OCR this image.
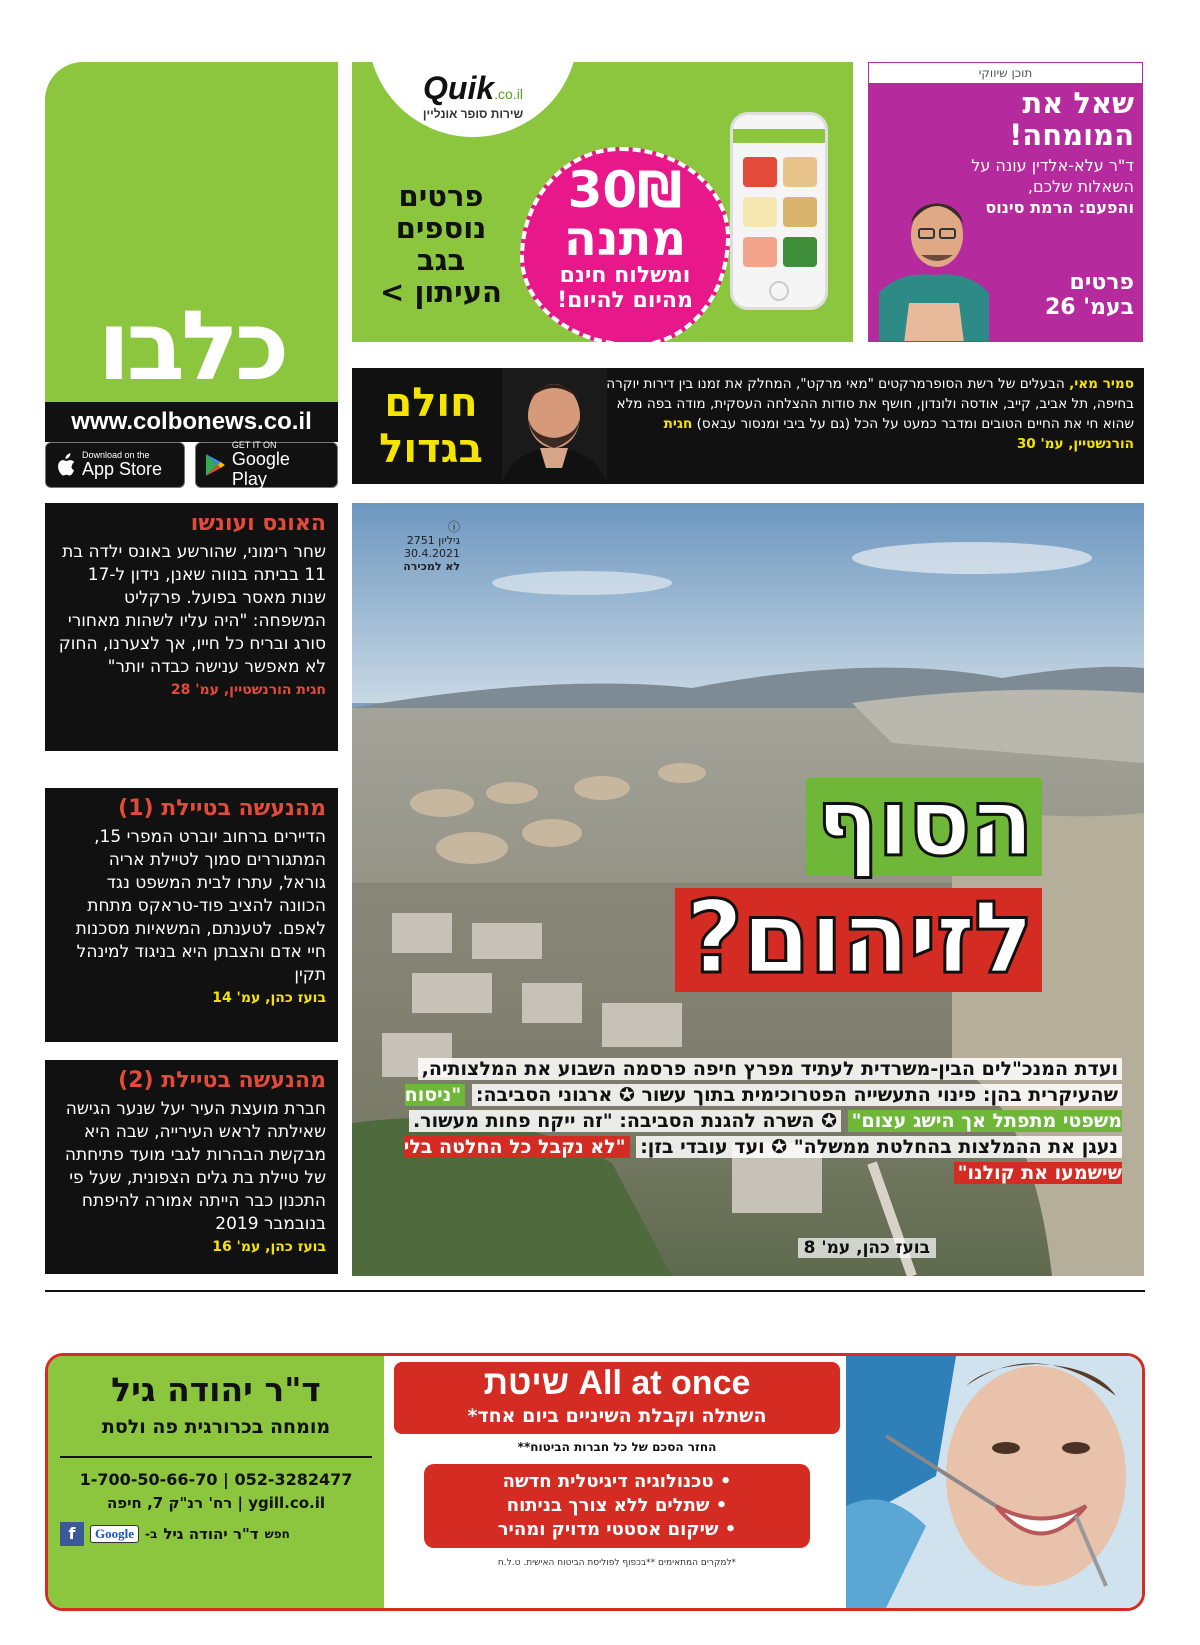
כלבו
www.colbonews.co.il
Download on the
App Store
GET IT ON
Google Play
Quik.co.il
שירות סופר אונליין
פרטים
נוספים
בגב
העיתון >
30₪
מתנה
ומשלוח חינם
מהיום להיום!
תוכן שיווקי
שאל את המומחה!
ד"ר עלא-אלדין עונה על השאלות שלכם,
והפעם: הרמת סינוס
פרטים בעמ' 26
חולם בגדול
סמיר מאי, הבעלים של רשת הסופרמרקטים "מאי מרקט", המחלק את זמנו בין דירות יוקרה בחיפה, תל אביב, קייב, אודסה ולונדון, חושף את סודות ההצלחה העסקית, מודה בפה מלא שהוא חי את החיים הטובים ומדבר כמעט על הכל (גם על ביבי ומנסור עבאס) חגית הורנשטיין, עמ' 30
האונס ועונשו

שחר רימוני, שהורשע באונס ילדה בת 11 בביתה בנווה שאנן, נידון ל-17 שנות מאסר בפועל. פרקליט המשפחה: "היה עליו לשהות מאחורי סורג ובריח כל חייו, אך לצערנו, החוק לא מאפשר ענישה כבדה יותר"

חגית הורנשטיין, עמ' 28
מהנעשה בטיילת (1)

הדיירים ברחוב יוברט המפרי 15, המתגוררים סמוך לטיילת אריה גוראל, עתרו לבית המשפט נגד הכוונה להציב פוד-טראקס מתחת לאפם. לטענתם, המשאיות מסכנות חיי אדם והצבתן היא בניגוד למינהל תקין

בועז כהן, עמ' 14
מהנעשה בטיילת (2)

חברת מועצת העיר יעל שנער הגישה שאילתה לראש העירייה, שבה היא מבקשת הבהרות לגבי מועד פתיחתה של טיילת בת גלים הצפונית, שעל פי התכנון כבר הייתה אמורה להיפתח בנובמבר 2019

בועז כהן, עמ' 16
ⓘ
גיליון 2751
30.4.2021
לא למכירה
הסוף
לזיהום?
ועדת המנכ"לים הבין-משרדית לעתיד מפרץ חיפה פרסמה השבוע את המלצותיה, שהעיקרית בהן: פינוי התעשייה הפטרוכימית בתוך עשור ✪ ארגוני הסביבה: "ניסוח משפטי מתפתל אך הישג עצום" ✪ השרה להגנת הסביבה: "זה ייקח פחות מעשור. נעגן את ההמלצות בהחלטת ממשלה" ✪ ועד עובדי בזן: "לא נקבל כל החלטה בלי שישמעו את קולנו"
בועז כהן, עמ' 8
ד"ר יהודה גיל
מומחה בכרורגית פה ולסת
052-3282477 | 1-700-50-66-70
ygill.co.il | רח' רנ"ק 7, חיפה
חפש
ד"ר יהודה גיל
ב-
Google
f
All at once שיטת
השתלה וקבלת השיניים ביום אחד*
החזר הסכם של כל חברות הביטוח**
• טכנולוגיה דיגיטלית חדשה
• שתלים ללא צורך בניתוח
• שיקום אסטטי מדויק ומהיר
*למקרים המתאימים **בכפוף לפוליסת הביטוח האישית. ט.ל.ח
